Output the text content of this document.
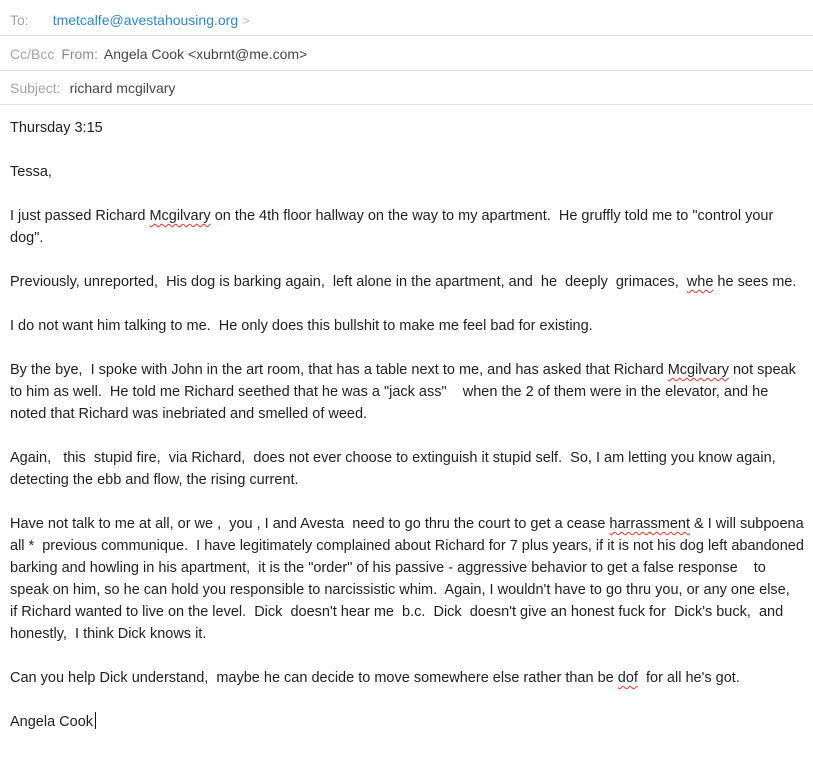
To: tmetcalfe@avestahousing.org >
Cc/Bcc From: Angela Cook <xubrnt@me.com>
Subject: richard mcgilvary

Thursday 3:15

Tessa,

I just passed Richard Mcgilvary on the 4th floor hallway on the way to my apartment.  He gruffly told me to "control your dog".

Previously, unreported,  His dog is barking again,  left alone in the apartment, and  he  deeply  grimaces,  whe he sees me.

I do not want him talking to me.  He only does this bullshit to make me feel bad for existing.

By the bye,  I spoke with John in the art room, that has a table next to me, and has asked that Richard Mcgilvary not speak to him as well.  He told me Richard seethed that he was a "jack ass"    when the 2 of them were in the elevator, and he noted that Richard was inebriated and smelled of weed.

Again,   this  stupid fire,  via Richard,  does not ever choose to extinguish it stupid self.  So, I am letting you know again,  detecting the ebb and flow, the rising current.

Have not talk to me at all, or we ,  you , I and Avesta  need to go thru the court to get a cease harrassment & I will subpoena  all *  previous communique.  I have legitimately complained about Richard for 7 plus years, if it is not his dog left abandoned barking and howling in his apartment,  it is the "order" of his passive - aggressive behavior to get a false response    to speak on him, so he can hold you responsible to narcissistic whim.  Again, I wouldn't have to go thru you, or any one else,  if Richard wanted to live on the level.  Dick  doesn't hear me  b.c.  Dick  doesn't give an honest fuck for  Dick's buck,  and honestly,  I think Dick knows it.

Can you help Dick understand,  maybe he can decide to move somewhere else rather than be dof  for all he's got.

Angela Cook
